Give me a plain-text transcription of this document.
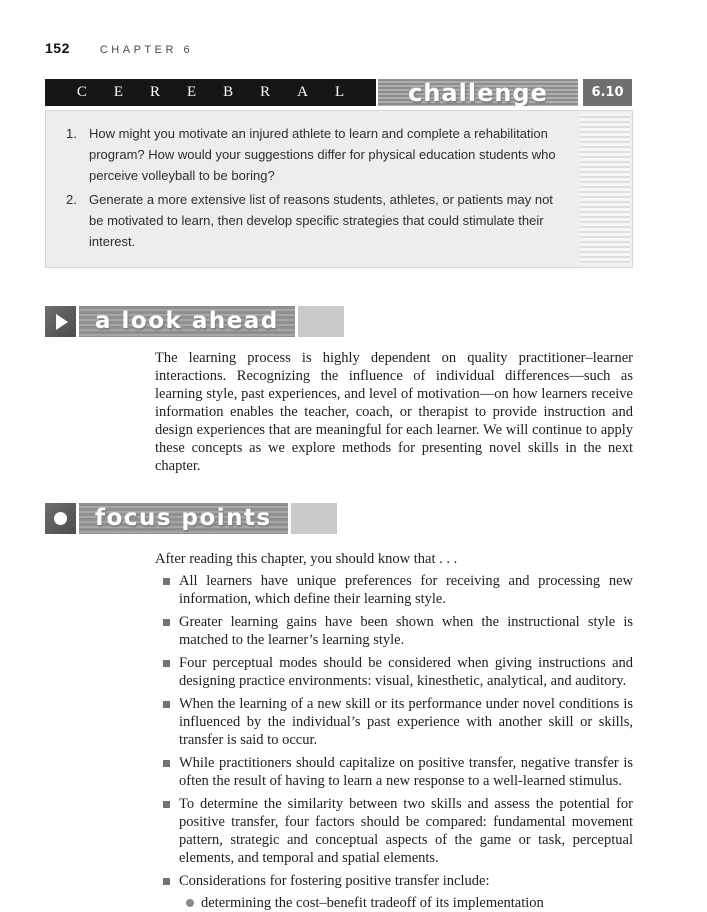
152	CHAPTER 6
CEREBRAL challenge	6.10
1. How might you motivate an injured athlete to learn and complete a rehabilitation program? How would your suggestions differ for physical education students who perceive volleyball to be boring?
2. Generate a more extensive list of reasons students, athletes, or patients may not be motivated to learn, then develop specific strategies that could stimulate their interest.
a look ahead
The learning process is highly dependent on quality practitioner–learner interactions. Recognizing the influence of individual differences—such as learning style, past experiences, and level of motivation—on how learners receive information enables the teacher, coach, or therapist to provide instruction and design experiences that are meaningful for each learner. We will continue to apply these concepts as we explore methods for presenting novel skills in the next chapter.
focus points
After reading this chapter, you should know that . . .
All learners have unique preferences for receiving and processing new information, which define their learning style.
Greater learning gains have been shown when the instructional style is matched to the learner’s learning style.
Four perceptual modes should be considered when giving instructions and designing practice environments: visual, kinesthetic, analytical, and auditory.
When the learning of a new skill or its performance under novel conditions is influenced by the individual’s past experience with another skill or skills, transfer is said to occur.
While practitioners should capitalize on positive transfer, negative transfer is often the result of having to learn a new response to a well-learned stimulus.
To determine the similarity between two skills and assess the potential for positive transfer, four factors should be compared: fundamental movement pattern, strategic and conceptual aspects of the game or task, perceptual elements, and temporal and spatial elements.
Considerations for fostering positive transfer include:
determining the cost–benefit tradeoff of its implementation
